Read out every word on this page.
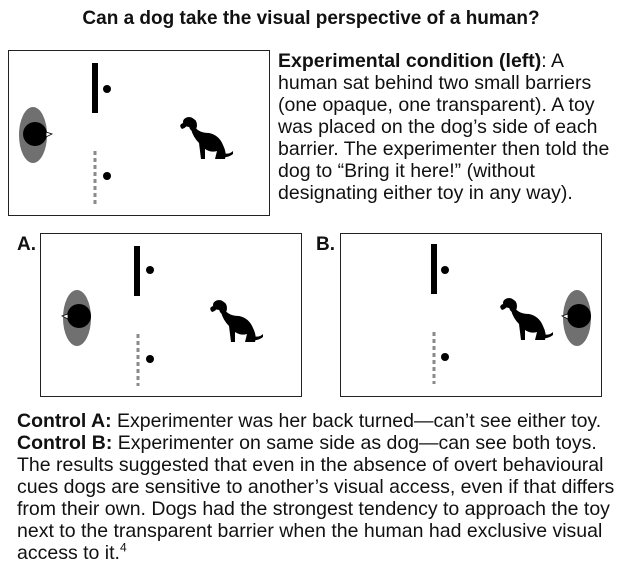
Can a dog take the visual perspective of a human?
Experimental condition (left): A human sat behind two small barriers (one opaque, one transparent). A toy was placed on the dog’s side of each barrier. The experimenter then told the dog to “Bring it here!” (without designating either toy in any way).
A.	B.
Control A: Experimenter was her back turned—can’t see either toy.
Control B: Experimenter on same side as dog—can see both toys. The results suggested that even in the absence of overt behavioural cues dogs are sensitive to another’s visual access, even if that differs from their own. Dogs had the strongest tendency to approach the toy next to the transparent barrier when the human had exclusive visual access to it.$^4$
